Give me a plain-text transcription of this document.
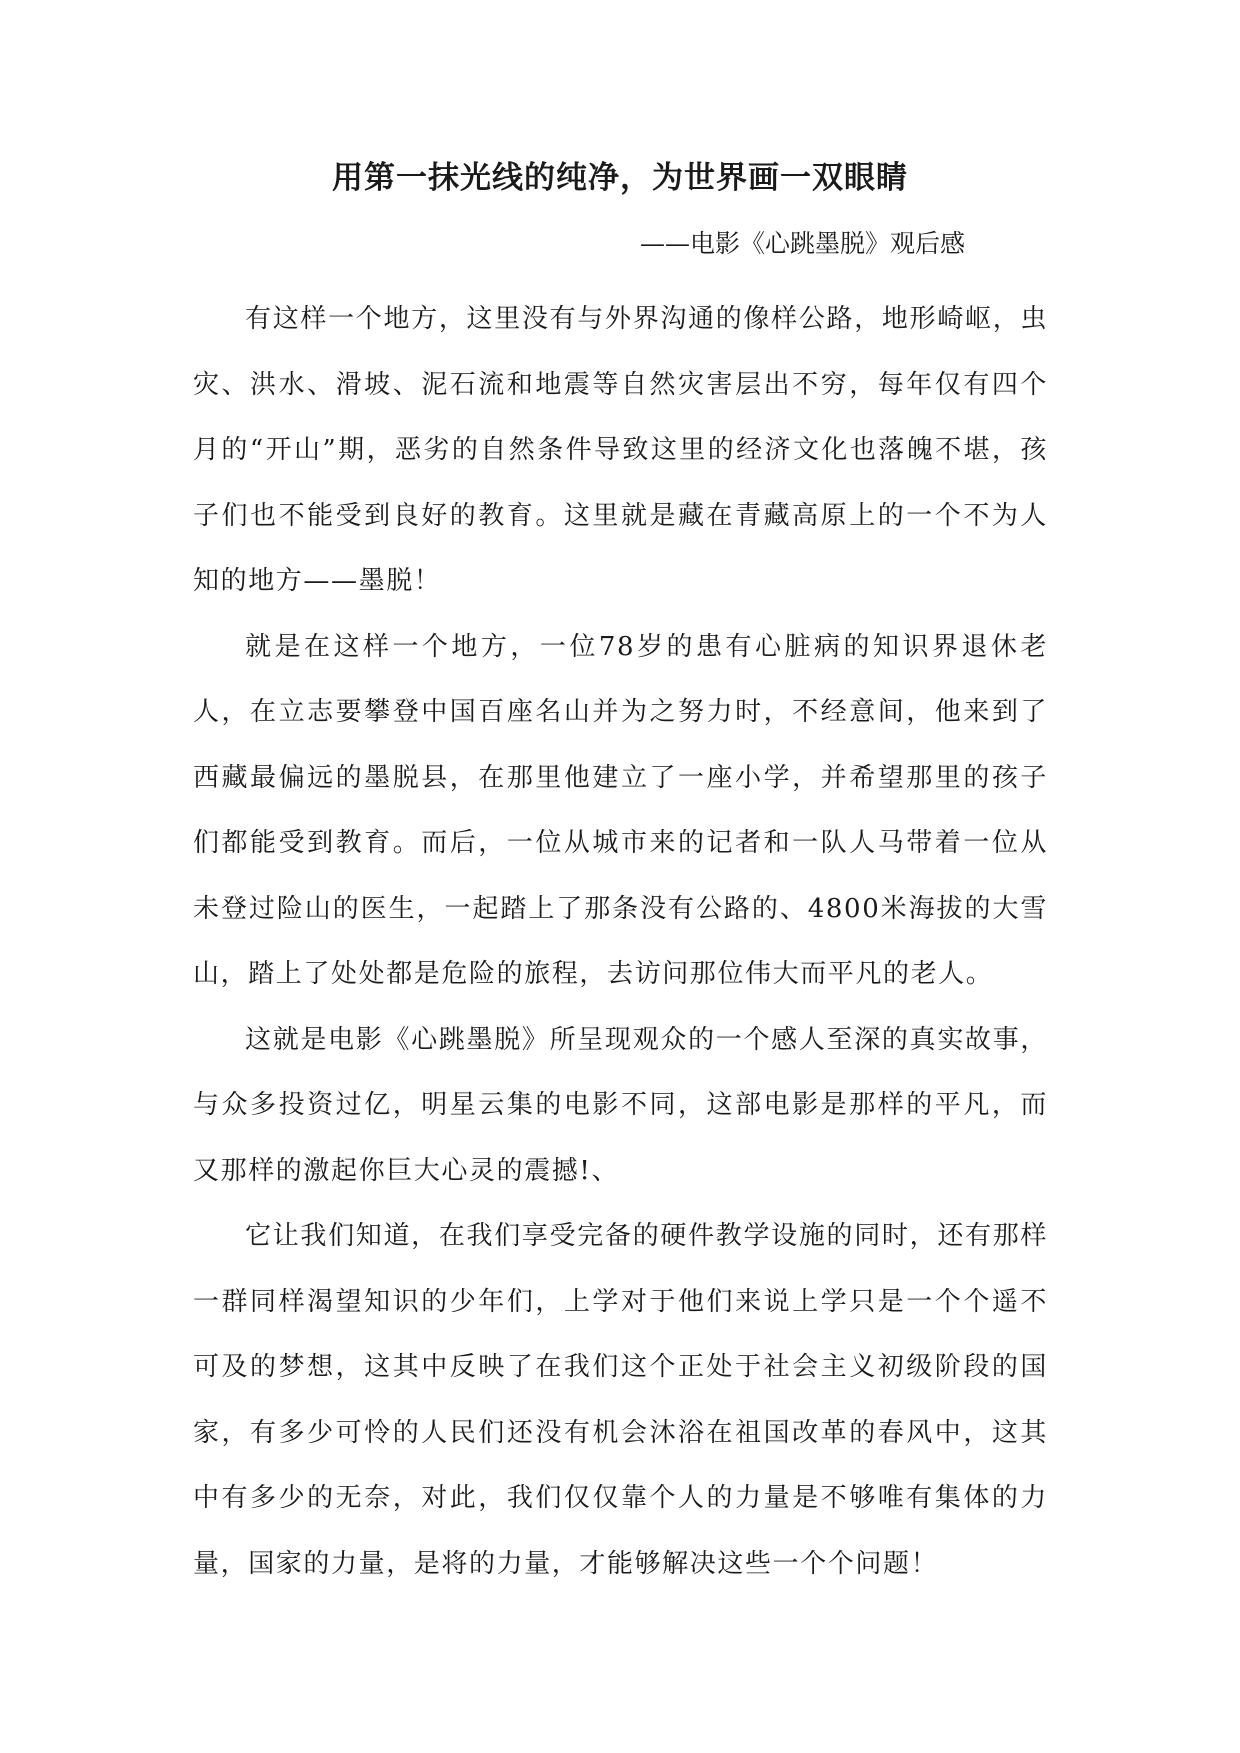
用第一抹光线的纯净，为世界画一双眼睛

——电影《心跳墨脱》观后感

有这样一个地方，这里没有与外界沟通的像样公路，地形崎岖，虫灾、洪水、滑坡、泥石流和地震等自然灾害层出不穷，每年仅有四个月的“开山”期，恶劣的自然条件导致这里的经济文化也落魄不堪，孩子们也不能受到良好的教育。这里就是藏在青藏高原上的一个不为人知的地方——墨脱！

就是在这样一个地方，一位78岁的患有心脏病的知识界退休老人，在立志要攀登中国百座名山并为之努力时，不经意间，他来到了西藏最偏远的墨脱县，在那里他建立了一座小学，并希望那里的孩子们都能受到教育。而后，一位从城市来的记者和一队人马带着一位从未登过险山的医生，一起踏上了那条没有公路的、4800米海拔的大雪山，踏上了处处都是危险的旅程，去访问那位伟大而平凡的老人。

这就是电影《心跳墨脱》所呈现观众的一个感人至深的真实故事，与众多投资过亿，明星云集的电影不同，这部电影是那样的平凡，而又那样的激起你巨大心灵的震撼!、

它让我们知道，在我们享受完备的硬件教学设施的同时，还有那样一群同样渴望知识的少年们，上学对于他们来说上学只是一个个遥不可及的梦想，这其中反映了在我们这个正处于社会主义初级阶段的国家，有多少可怜的人民们还没有机会沐浴在祖国改革的春风中，这其中有多少的无奈，对此，我们仅仅靠个人的力量是不够唯有集体的力量，国家的力量，是将的力量，才能够解决这些一个个问题！
